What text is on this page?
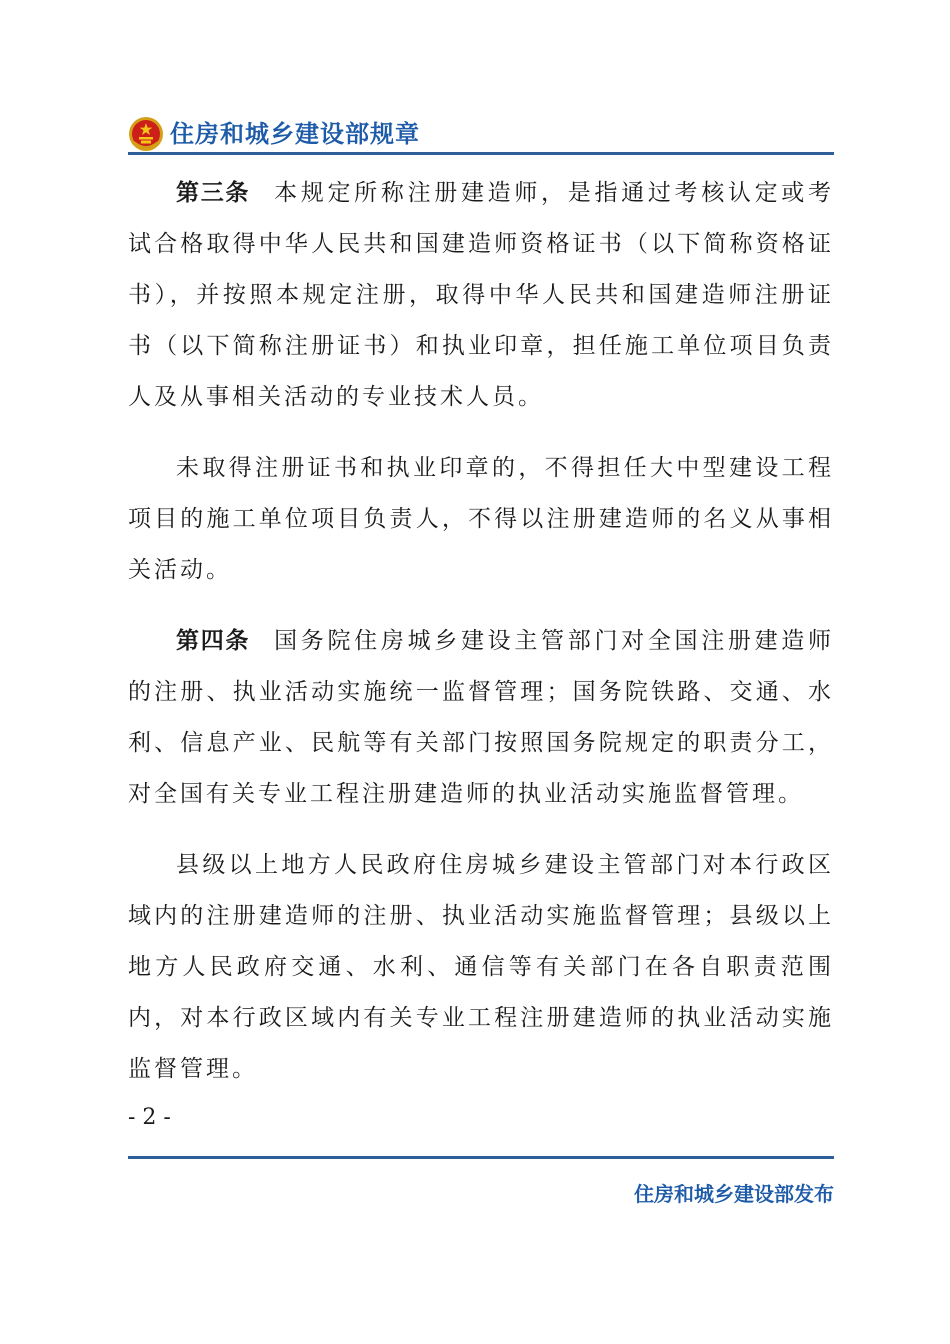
住房和城乡建设部规章

第三条 本规定所称注册建造师，是指通过考核认定或考试合格取得中华人民共和国建造师资格证书（以下简称资格证书），并按照本规定注册，取得中华人民共和国建造师注册证书（以下简称注册证书）和执业印章，担任施工单位项目负责人及从事相关活动的专业技术人员。

未取得注册证书和执业印章的，不得担任大中型建设工程项目的施工单位项目负责人，不得以注册建造师的名义从事相关活动。

第四条 国务院住房城乡建设主管部门对全国注册建造师的注册、执业活动实施统一监督管理；国务院铁路、交通、水利、信息产业、民航等有关部门按照国务院规定的职责分工，对全国有关专业工程注册建造师的执业活动实施监督管理。

县级以上地方人民政府住房城乡建设主管部门对本行政区域内的注册建造师的注册、执业活动实施监督管理；县级以上地方人民政府交通、水利、通信等有关部门在各自职责范围内，对本行政区域内有关专业工程注册建造师的执业活动实施监督管理。

- 2 -
住房和城乡建设部发布
